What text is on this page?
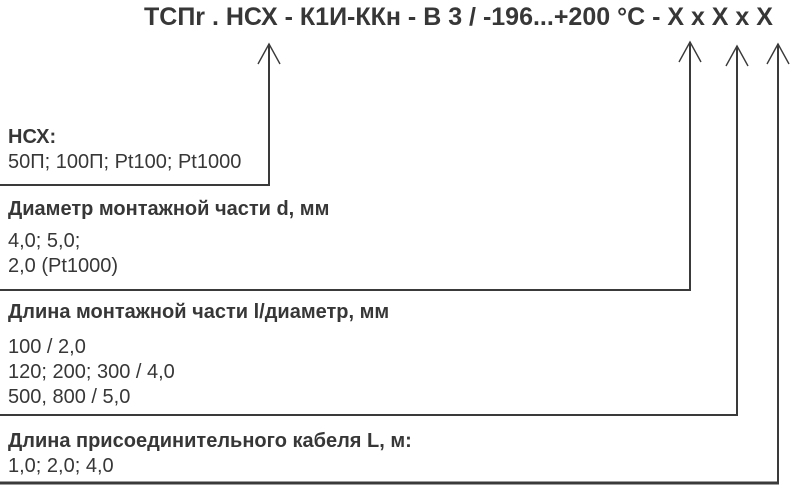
ТСПr . НСХ - К1И-ККн - В 3 / -196...+200 °С - Х х Х х Х
НСХ:
50П; 100П; Pt100; Pt1000
Диаметр монтажной части d, мм
4,0; 5,0;
2,0 (Pt1000)
Длина монтажной части l/диаметр, мм
100 / 2,0
120; 200; 300 / 4,0
500, 800 / 5,0
Длина присоединительного кабеля L, м:
1,0; 2,0; 4,0
